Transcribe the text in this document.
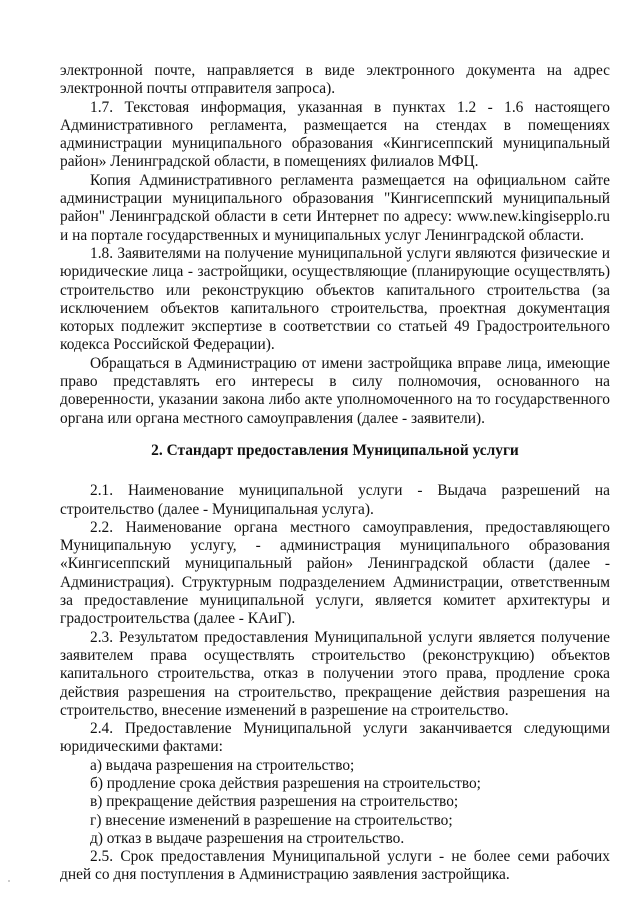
электронной почте, направляется в виде электронного документа на адрес электронной почты отправителя запроса).

1.7. Текстовая информация, указанная в пунктах 1.2 - 1.6 настоящего Административного регламента, размещается на стендах в помещениях администрации муниципального образования «Кингисеппский муниципальный район» Ленинградской области, в помещениях филиалов МФЦ.

Копия Административного регламента размещается на официальном сайте администрации муниципального образования "Кингисеппский муниципальный район" Ленинградской области в сети Интернет по адресу: www.new.kingiseppl​o.ru и на портале государственных и муниципальных услуг Ленинградской области.

1.8. Заявителями на получение муниципальной услуги являются физические и юридические лица - застройщики, осуществляющие (планирующие осуществлять) строительство или реконструкцию объектов капитального строительства (за исключением объектов капитального строительства, проектная документация которых подлежит экспертизе в соответствии со статьей 49 Градостроительного кодекса Российской Федерации).

Обращаться в Администрацию от имени застройщика вправе лица, имеющие право представлять его интересы в силу полномочия, основанного на доверенности, указании закона либо акте уполномоченного на то государственного органа или органа местного самоуправления (далее - заявители).

2. Стандарт предоставления Муниципальной услуги

2.1. Наименование муниципальной услуги - Выдача разрешений на строительство (далее - Муниципальная услуга).

2.2. Наименование органа местного самоуправления, предоставляющего Муниципальную услугу, - администрация муниципального образования «Кингисеппский муниципальный район» Ленинградской области (далее - Администрация). Структурным подразделением Администрации, ответственным за предоставление муниципальной услуги, является комитет архитектуры и градостроительства (далее - КАиГ).

2.3. Результатом предоставления Муниципальной услуги является получение заявителем права осуществлять строительство (реконструкцию) объектов капитального строительства, отказ в получении этого права, продление срока действия разрешения на строительство, прекращение действия разрешения на строительство, внесение изменений в разрешение на строительство.

2.4. Предоставление Муниципальной услуги заканчивается следующими юридическими фактами:

а) выдача разрешения на строительство;

б) продление срока действия разрешения на строительство;

в) прекращение действия разрешения на строительство;

г) внесение изменений в разрешение на строительство;

д) отказ в выдаче разрешения на строительство.

2.5. Срок предоставления Муниципальной услуги - не более семи рабочих дней со дня поступления в Администрацию заявления застройщика.
